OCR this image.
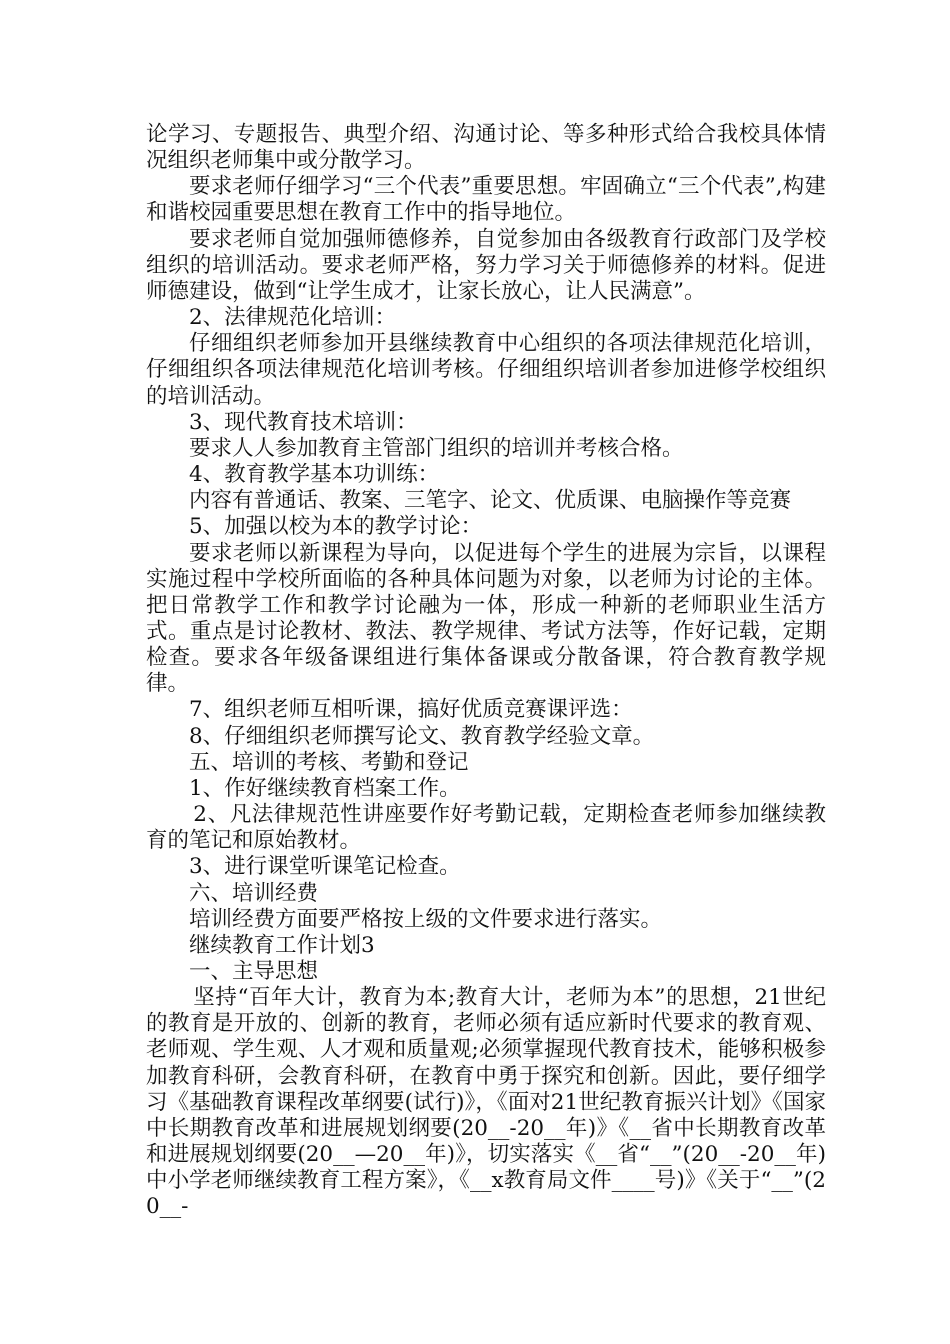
论学习、专题报告、典型介绍、沟通讨论、等多种形式给合我校具体情况组织老师集中或分散学习。

要求老师仔细学习“三个代表”重要思想。牢固确立“三个代表”,构建和谐校园重要思想在教育工作中的指导地位。

要求老师自觉加强师德修养，自觉参加由各级教育行政部门及学校组织的培训活动。要求老师严格，努力学习关于师德修养的材料。促进师德建设，做到“让学生成才，让家长放心，让人民满意”。

2、法律规范化培训：

仔细组织老师参加开县继续教育中心组织的各项法律规范化培训，仔细组织各项法律规范化培训考核。仔细组织培训者参加进修学校组织的培训活动。

3、现代教育技术培训：

要求人人参加教育主管部门组织的培训并考核合格。

4、教育教学基本功训练：

内容有普通话、教案、三笔字、论文、优质课、电脑操作等竞赛

5、加强以校为本的教学讨论：

要求老师以新课程为导向，以促进每个学生的进展为宗旨，以课程实施过程中学校所面临的各种具体问题为对象，以老师为讨论的主体。把日常教学工作和教学讨论融为一体，形成一种新的老师职业生活方式。重点是讨论教材、教法、教学规律、考试方法等，作好记载，定期检查。要求各年级备课组进行集体备课或分散备课，符合教育教学规律。

7、组织老师互相听课，搞好优质竞赛课评选：

8、仔细组织老师撰写论文、教育教学经验文章。

五、培训的考核、考勤和登记

1、作好继续教育档案工作。

2、凡法律规范性讲座要作好考勤记载，定期检查老师参加继续教育的笔记和原始教材。

3、进行课堂听课笔记检查。

六、培训经费

培训经费方面要严格按上级的文件要求进行落实。

继续教育工作计划3

一、主导思想

坚持“百年大计，教育为本;教育大计，老师为本”的思想，21世纪的教育是开放的、创新的教育，老师必须有适应新时代要求的教育观、老师观、学生观、人才观和质量观;必须掌握现代教育技术，能够积极参加教育科研，会教育科研，在教育中勇于探究和创新。因此，要仔细学习《基础教育课程改革纲要(试行)》，《面对21世纪教育振兴计划》《国家中长期教育改革和进展规划纲要(20__-20__年)》《__省中长期教育改革和进展规划纲要(20__—20__年)》，切实落实《__省“__”(20__-20__年)中小学老师继续教育工程方案》，《__x教育局文件____号)》《关于“__”(20__-
